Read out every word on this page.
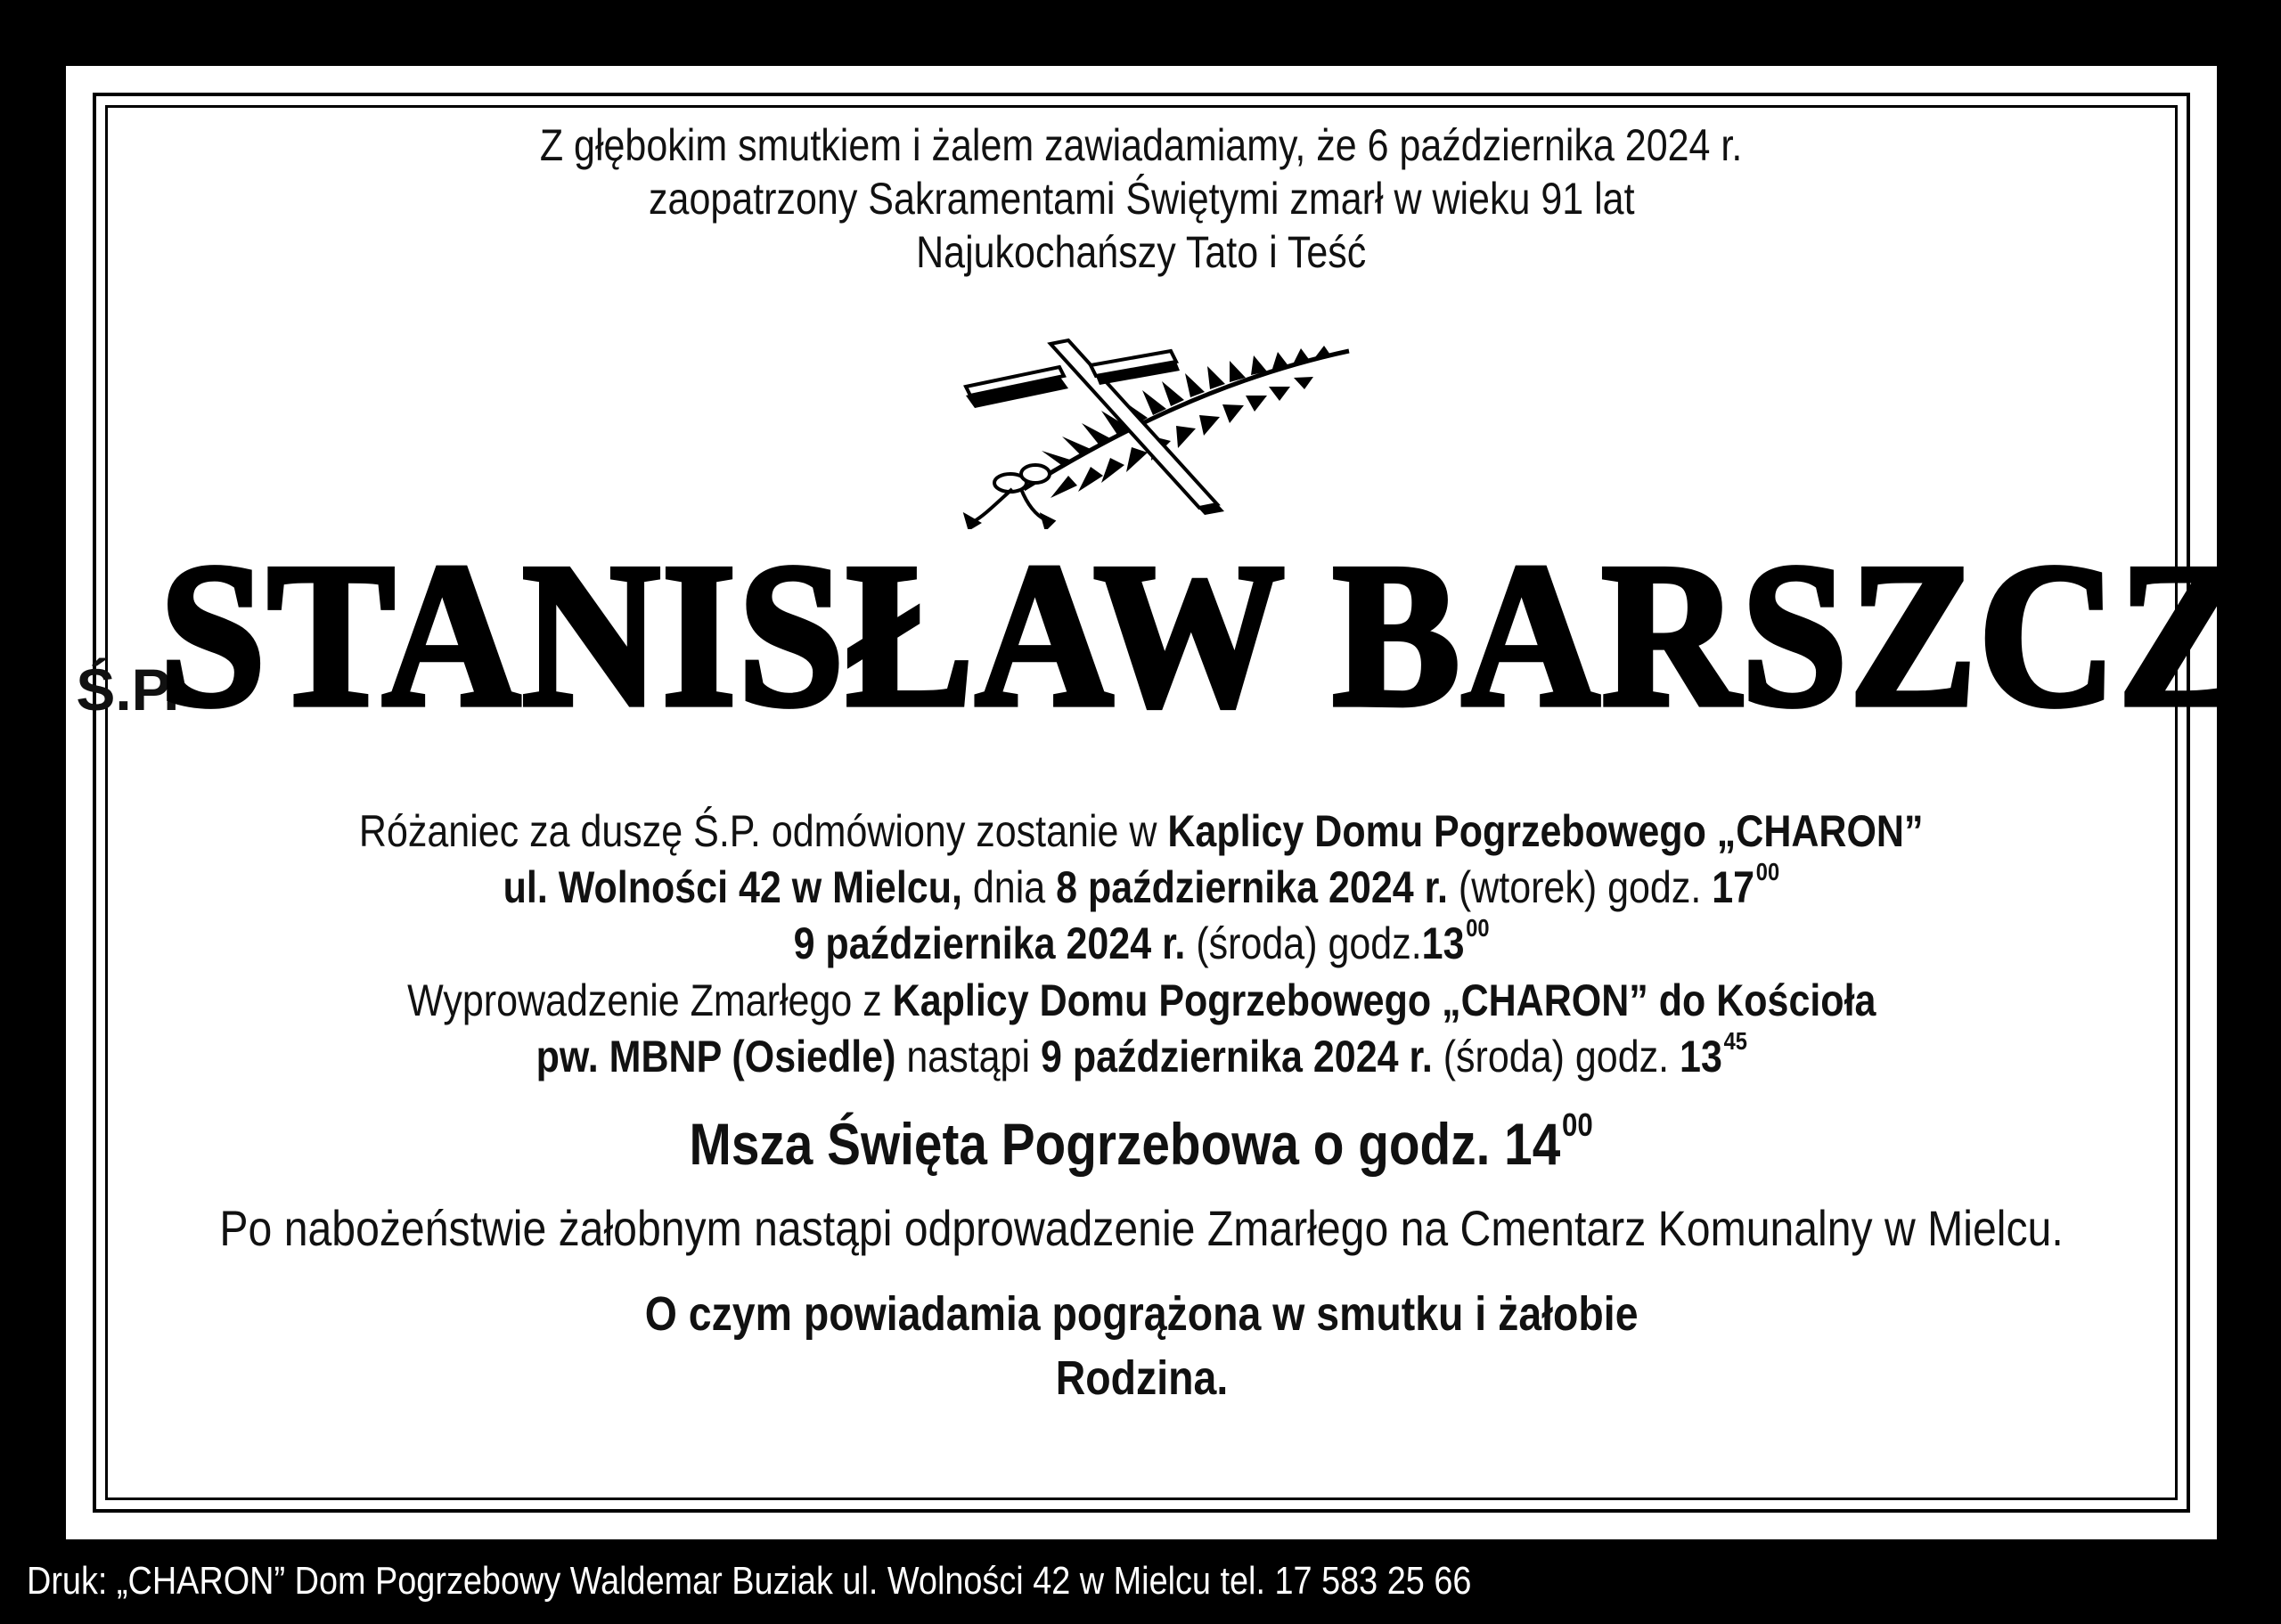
Z głębokim smutkiem i żalem zawiadamiamy, że 6 października 2024 r.
zaopatrzony Sakramentami Świętymi zmarł w wieku 91 lat
Najukochańszy Tato i Teść
Ś.P.STANISŁAW BARSZCZ
Różaniec za duszę Ś.P. odmówiony zostanie w Kaplicy Domu Pogrzebowego „CHARON”
ul. Wolności 42 w Mielcu, dnia 8 października 2024 r. (wtorek) godz. $17^{00}$
9 października 2024 r. (środa) $godz.13^{00}$
Wyprowadzenie Zmarłego z Kaplicy Domu Pogrzebowego „CHARON” do Kościoła
pw. MBNP (Osiedle) nastąpi 9 października 2024 r. (środa) godz. $13^{45}$
Msza Święta Pogrzebowa o godz. $14^{00}$
Po nabożeństwie żałobnym nastąpi odprowadzenie Zmarłego na Cmentarz Komunalny w Mielcu.
O czym powiadamia pogrążona w smutku i żałobie
Rodzina.
Druk: „CHARON” Dom Pogrzebowy Waldemar Buziak ul. Wolności 42 w Mielcu tel. 17 583 25 66
